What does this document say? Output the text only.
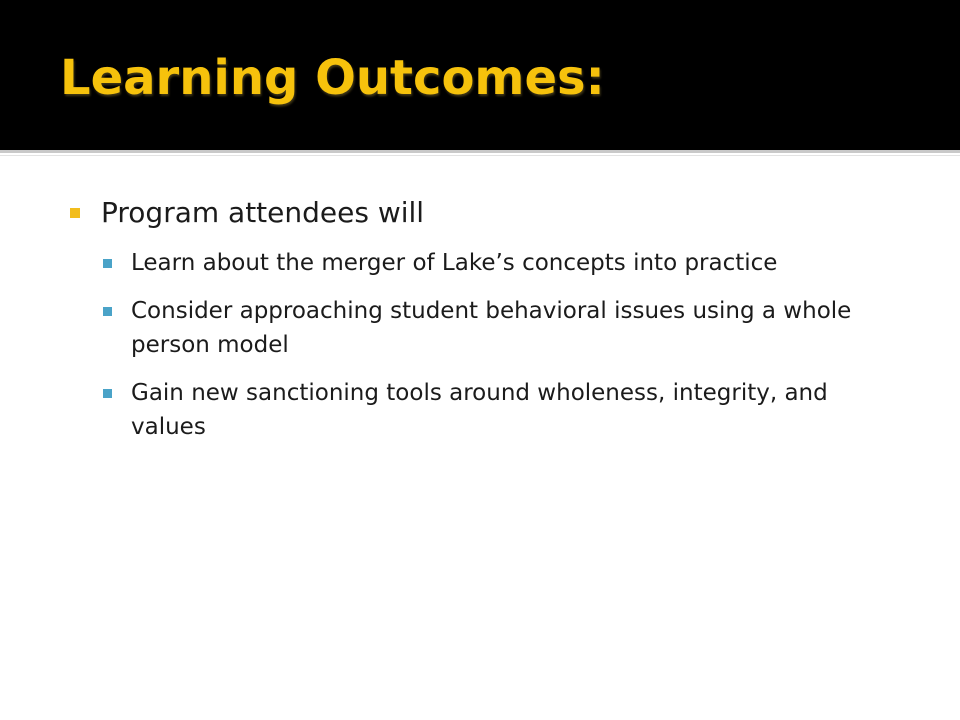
Learning Outcomes:
Program attendees will
Learn about the merger of Lake’s concepts into practice
Consider approaching student behavioral issues using a whole person model
Gain new sanctioning tools around wholeness, integrity, and values
